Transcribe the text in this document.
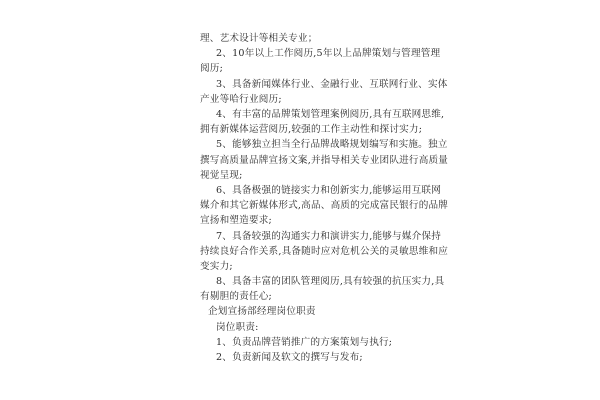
理、艺术设计等相关专业；
2、10年以上工作阅历,5年以上品牌策划与管理管理
阅历;
3、具备新闻媒体行业、金融行业、互联网行业、实体
产业等哈行业阅历;
4、有丰富的品牌策划管理案例阅历,具有互联网思维,
拥有新媒体运营阅历,较强的工作主动性和探讨实力;
5、能够独立担当全行品牌战略规划编写和实施。独立
撰写高质量品牌宣扬文案,并指导相关专业团队进行高质量
视觉呈现;
6、具备极强的链接实力和创新实力,能够运用互联网
媒介和其它新媒体形式,高品、高质的完成富民银行的品牌
宣扬和塑造要求;
7、具备较强的沟通实力和演讲实力,能够与媒介保持
持续良好合作关系,具备随时应对危机公关的灵敏思维和应
变实力;
8、具备丰富的团队管理阅历,具有较强的抗压实力,具
有剔胆的责任心;
企划宣扬部经理岗位职责
岗位职责:
1、负责品牌营销推广的方案策划与执行;
2、负责新闻及软文的撰写与发布;
